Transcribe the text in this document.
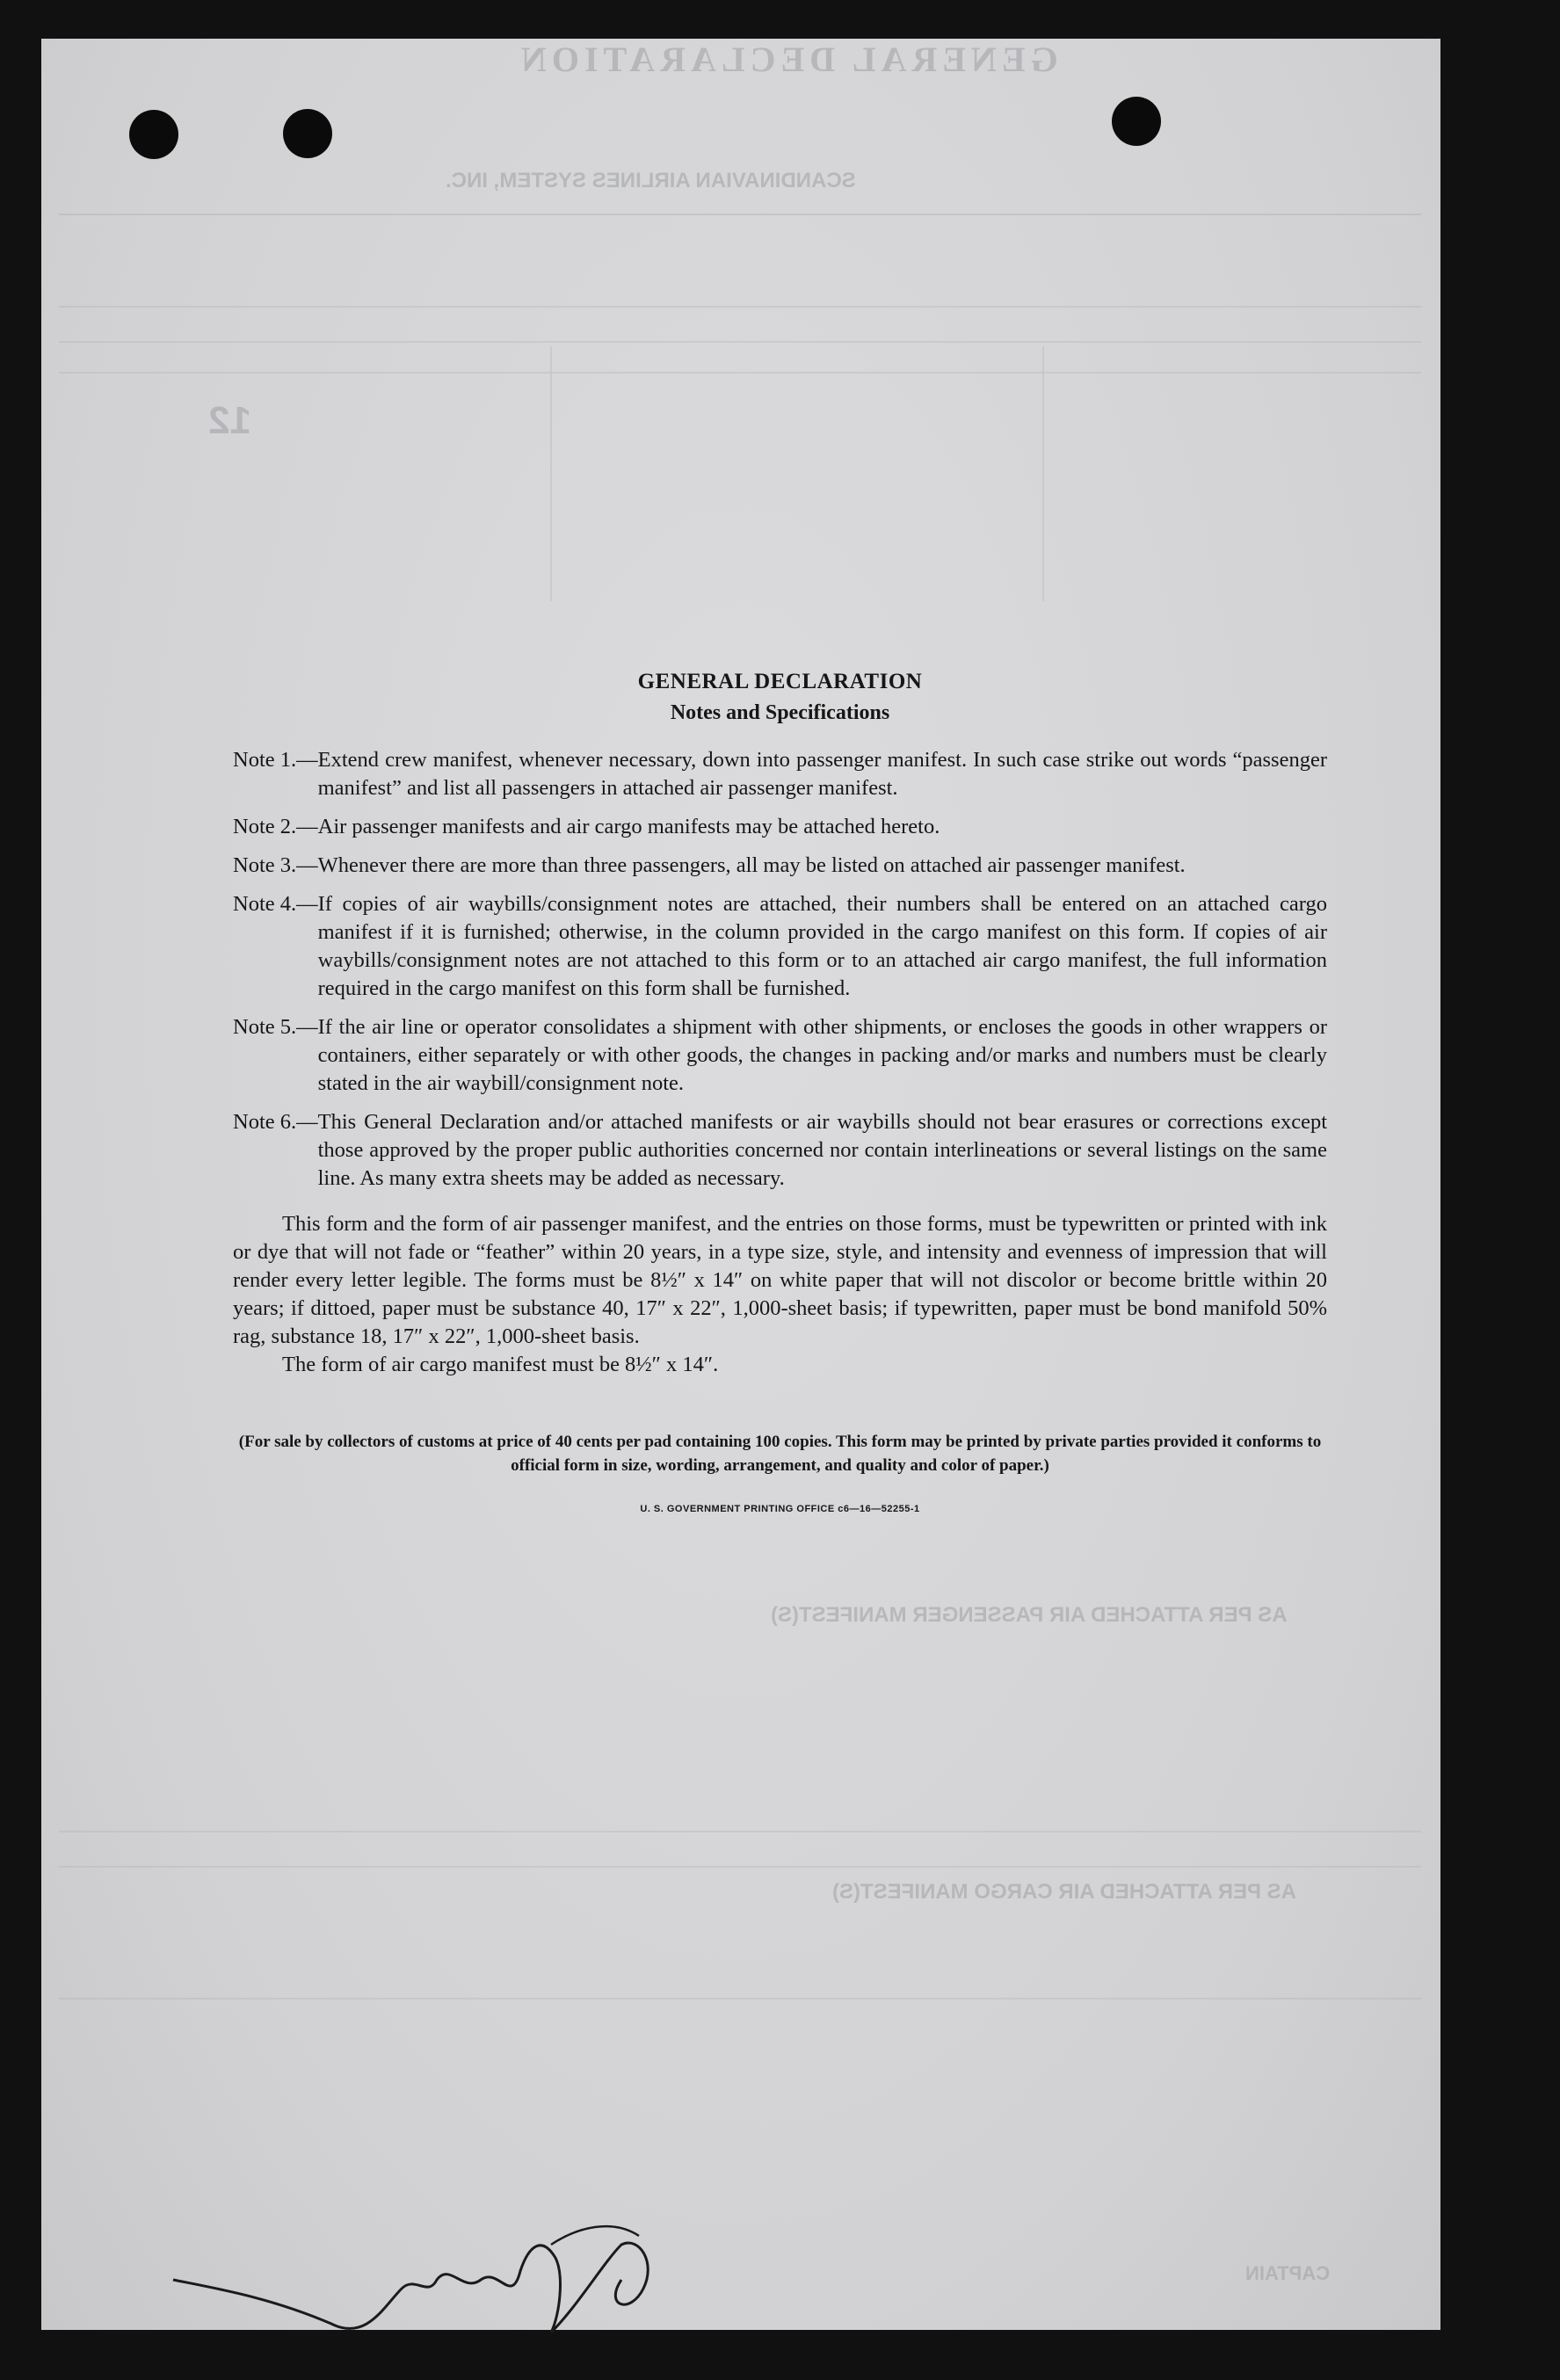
GENERAL DECLARATION
SCANDINAVIAN AIRLINES SYSTEM, INC.
12
AS PER ATTACHED AIR PASSENGER MANIFEST(S)
AS PER ATTACHED AIR CARGO MANIFEST(S)
CAPTAIN
GENERAL DECLARATION
Notes and Specifications
Note 1. — Extend crew manifest, whenever necessary, down into passenger manifest. In such case strike out words “passenger manifest” and list all passengers in attached air passenger manifest.
Note 2. — Air passenger manifests and air cargo manifests may be attached hereto.
Note 3. — Whenever there are more than three passengers, all may be listed on attached air passenger manifest.
Note 4. — If copies of air waybills/consignment notes are attached, their numbers shall be entered on an attached cargo manifest if it is furnished; otherwise, in the column provided in the cargo manifest on this form. If copies of air waybills/consignment notes are not attached to this form or to an attached air cargo manifest, the full information required in the cargo manifest on this form shall be furnished.
Note 5. — If the air line or operator consolidates a shipment with other shipments, or encloses the goods in other wrappers or containers, either separately or with other goods, the changes in packing and/or marks and numbers must be clearly stated in the air waybill/consignment note.
Note 6. — This General Declaration and/or attached manifests or air waybills should not bear erasures or corrections except those approved by the proper public authorities concerned nor contain interlineations or several listings on the same line. As many extra sheets may be added as necessary.
This form and the form of air passenger manifest, and the entries on those forms, must be typewritten or printed with ink or dye that will not fade or “feather” within 20 years, in a type size, style, and intensity and evenness of impression that will render every letter legible. The forms must be 8½″ x 14″ on white paper that will not discolor or become brittle within 20 years; if dittoed, paper must be substance 40, 17″ x 22″, 1,000-sheet basis; if typewritten, paper must be bond manifold 50% rag, substance 18, 17″ x 22″, 1,000-sheet basis.
The form of air cargo manifest must be 8½″ x 14″.
(For sale by collectors of customs at price of 40 cents per pad containing 100 copies. This form may be printed by private parties provided it conforms to official form in size, wording, arrangement, and quality and color of paper.)
U. S. GOVERNMENT PRINTING OFFICE c6—16—52255-1
